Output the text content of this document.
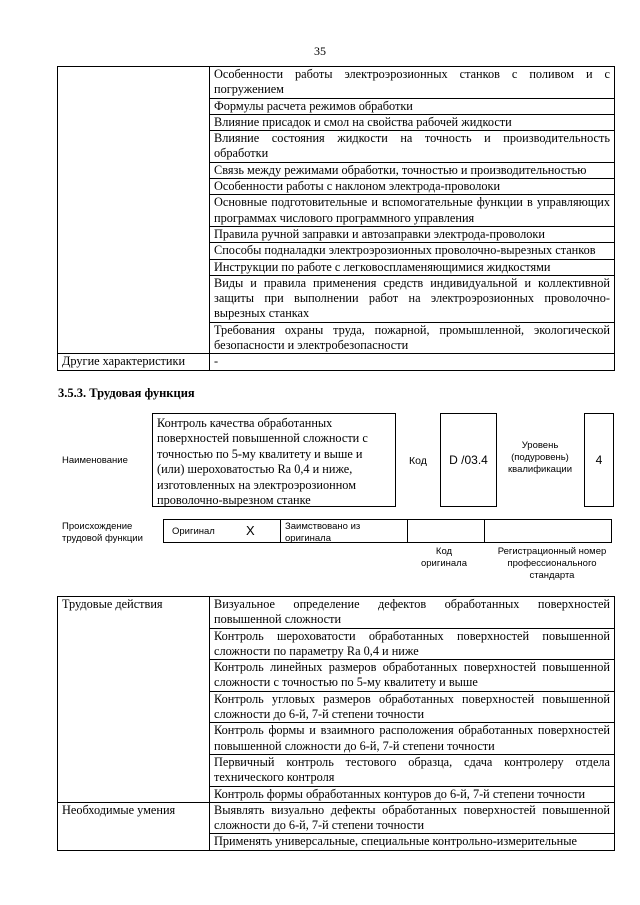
35
	Особенности работы электроэрозионных станков с поливом и с погружением
	Формулы расчета режимов обработки
	Влияние присадок и смол на свойства рабочей жидкости
	Влияние состояния жидкости на точность и производительность обработки
	Связь между режимами обработки, точностью и производительностью
	Особенности работы с наклоном электрода-проволоки
	Основные подготовительные и вспомогательные функции в управляющих программах числового программного управления
	Правила ручной заправки и автозаправки электрода-проволоки
	Способы подналадки электроэрозионных проволочно-вырезных станков
	Инструкции по работе с легковоспламеняющимися жидкостями
	Виды и правила применения средств индивидуальной и коллективной защиты при выполнении работ на электроэрозионных проволочно-вырезных станках
	Требования охраны труда, пожарной, промышленной, экологической безопасности и электробезопасности
Другие характеристики	-
3.5.3. Трудовая функция
Наименование
Контроль качества обработанных поверхностей повышенной сложности с точностью по 5-му квалитету и выше и (или) шероховатостью Ra 0,4 и ниже, изготовленных на электроэрозионном проволочно-вырезном станке
Код	D /03.4
Уровень (подуровень) квалификации
4
Происхождение трудовой функции
Оригинал X	Заимствовано из оригинала
Код оригинала
Регистрационный номер профессионального стандарта
Трудовые действия	Визуальное определение дефектов обработанных поверхностей повышенной сложности
	Контроль шероховатости обработанных поверхностей повышенной сложности по параметру Ra 0,4 и ниже
	Контроль линейных размеров обработанных поверхностей повышенной сложности с точностью по 5-му квалитету и выше
	Контроль угловых размеров обработанных поверхностей повышенной сложности до 6-й, 7-й степени точности
	Контроль формы и взаимного расположения обработанных поверхностей повышенной сложности до 6-й, 7-й степени точности
	Первичный контроль тестового образца, сдача контролеру отдела технического контроля
	Контроль формы обработанных контуров до 6-й, 7-й степени точности
Необходимые умения	Выявлять визуально дефекты обработанных поверхностей повышенной сложности до 6-й, 7-й степени точности
	Применять универсальные, специальные контрольно-измерительные
